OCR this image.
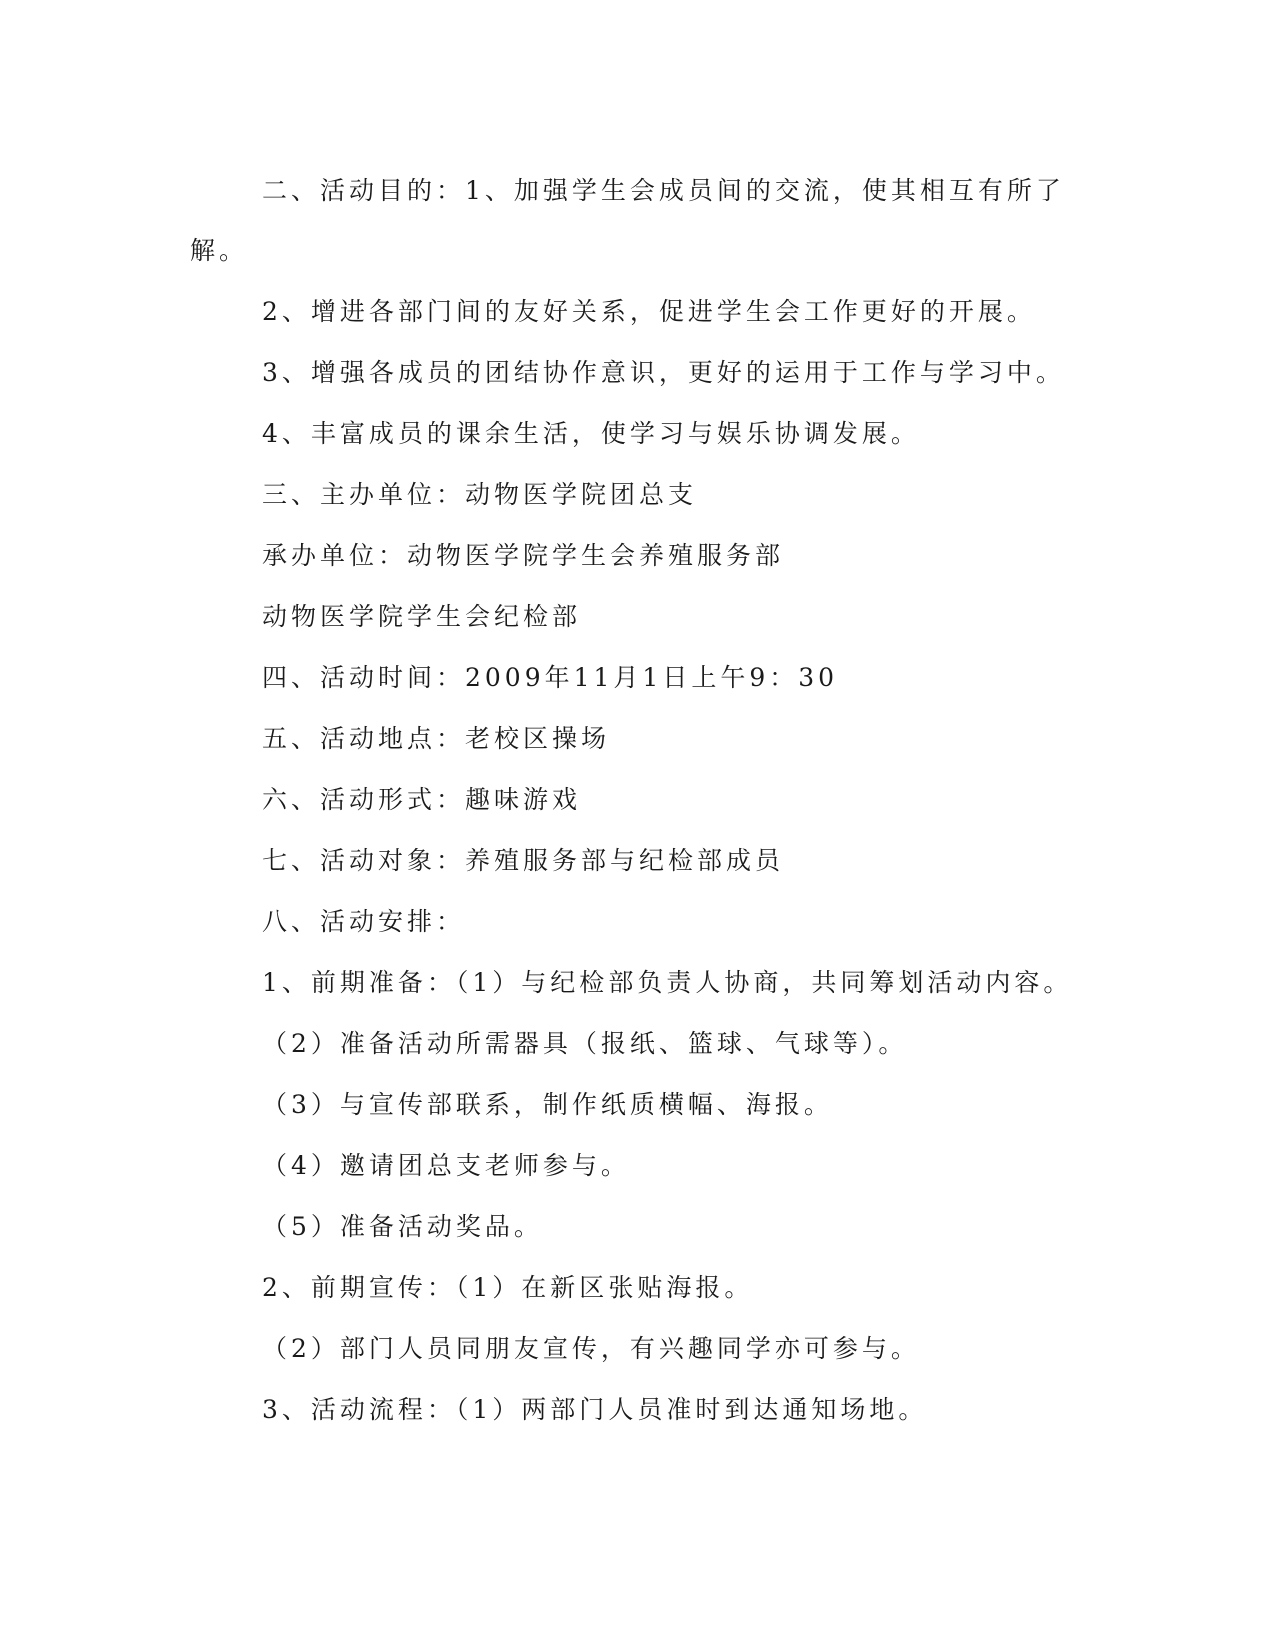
二、活动目的：1、加强学生会成员间的交流，使其相互有所了
解。
2、增进各部门间的友好关系，促进学生会工作更好的开展。
3、增强各成员的团结协作意识，更好的运用于工作与学习中。
4、丰富成员的课余生活，使学习与娱乐协调发展。
三、主办单位：动物医学院团总支
承办单位：动物医学院学生会养殖服务部
动物医学院学生会纪检部
四、活动时间：2009年11月1日上午9：30
五、活动地点：老校区操场
六、活动形式：趣味游戏
七、活动对象：养殖服务部与纪检部成员
八、活动安排：
1、前期准备：（1）与纪检部负责人协商，共同筹划活动内容。
（2）准备活动所需器具（报纸、篮球、气球等）。
（3）与宣传部联系，制作纸质横幅、海报。
（4）邀请团总支老师参与。
（5）准备活动奖品。
2、前期宣传：（1）在新区张贴海报。
（2）部门人员同朋友宣传，有兴趣同学亦可参与。
3、活动流程：（1）两部门人员准时到达通知场地。
